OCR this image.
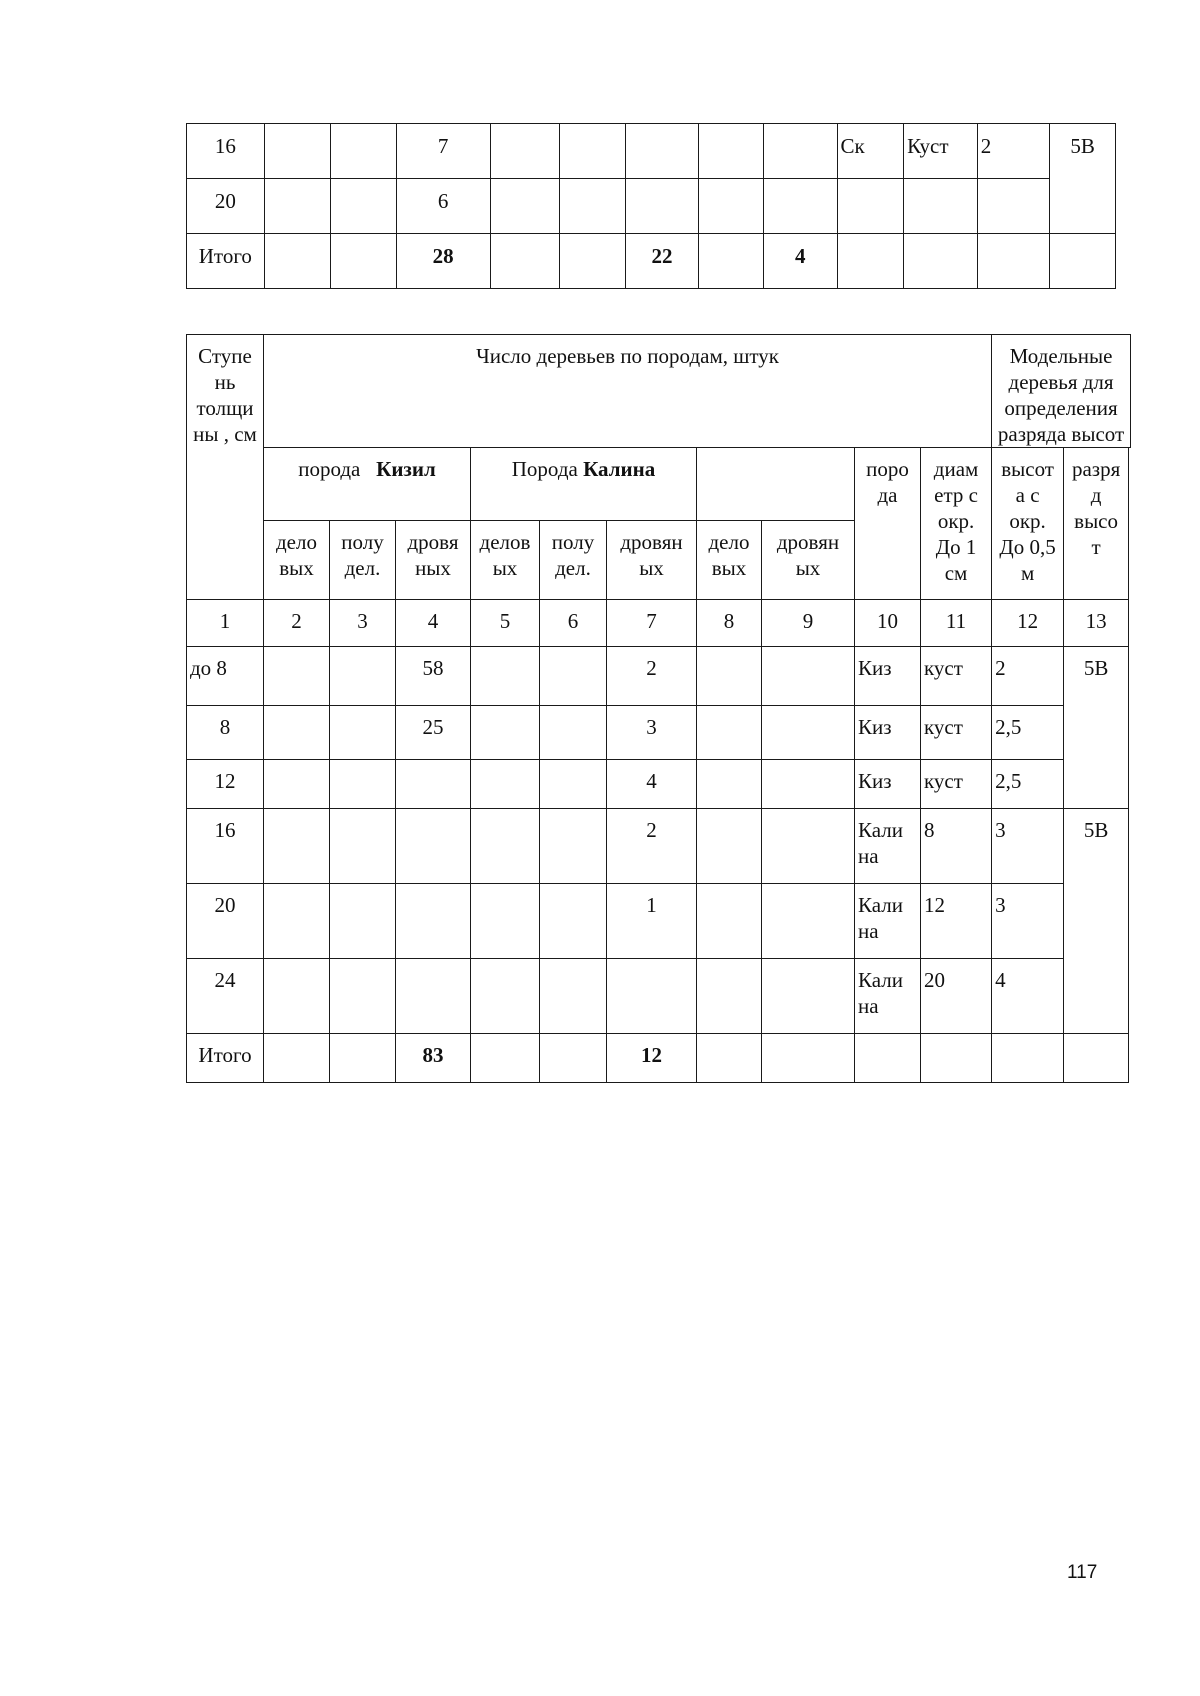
16			7						Ск	Куст	2	5В
20			6									
Итого			28			22		4				
Ступе нь толщи ны , см	Число деревьев по породам, штук										Модельные деревья для определения разряда высот	
	порода Кизил			Порода Калина					поро да	диам етр с окр. До 1 см	высот а с окр. До 0,5 м	разря д высо т
	дело вых	полу дел.	дровя ных	делов ых	полу дел.	дровян ых	дело вых	дровян ых				
1	2	3	4	5	6	7	8	9	10	11	12	13
до 8			58			2			Киз	куст	2	5В
8			25			3			Киз	куст	2,5	
12						4			Киз	куст	2,5	
16						2			Кали на	8	3	5В
20						1			Кали на	12	3	
24									Кали на	20	4	
Итого			83			12						
117
